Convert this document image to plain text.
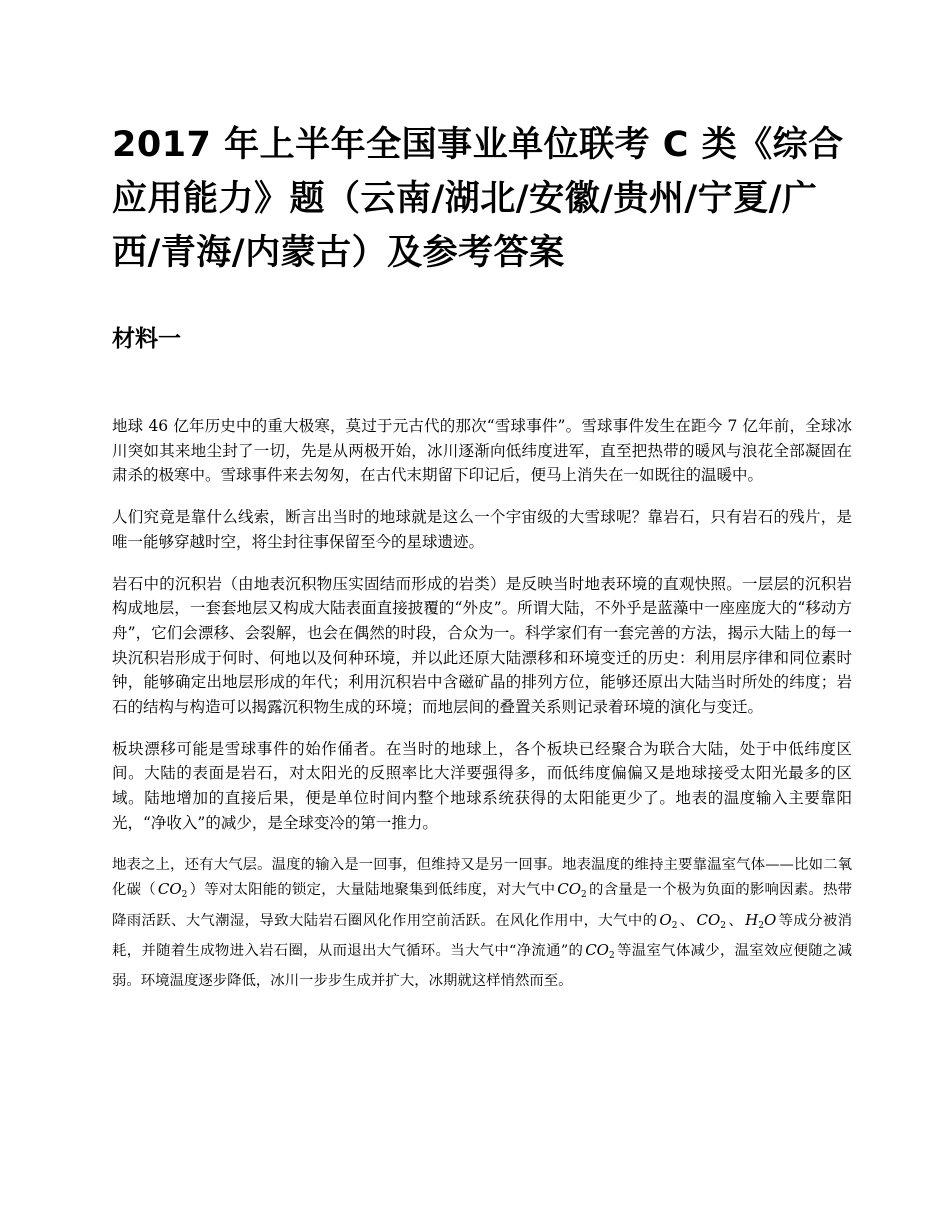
2017 年上半年全国事业单位联考 C 类《综合应用能力》题（云南/湖北/安徽/贵州/宁夏/广西/青海/内蒙古）及参考答案
材料一

地球 46 亿年历史中的重大极寒，莫过于元古代的那次“雪球事件”。雪球事件发生在距今 7 亿年前，全球冰川突如其来地尘封了一切，先是从两极开始，冰川逐渐向低纬度进军，直至把热带的暖风与浪花全部凝固在肃杀的极寒中。雪球事件来去匆匆，在古代末期留下印记后，便马上消失在一如既往的温暖中。

人们究竟是靠什么线索，断言出当时的地球就是这么一个宇宙级的大雪球呢？靠岩石，只有岩石的残片，是唯一能够穿越时空，将尘封往事保留至今的星球遗迹。

岩石中的沉积岩（由地表沉积物压实固结而形成的岩类）是反映当时地表环境的直观快照。一层层的沉积岩构成地层，一套套地层又构成大陆表面直接披覆的“外皮”。所谓大陆，不外乎是蓝藻中一座座庞大的“移动方舟”，它们会漂移、会裂解，也会在偶然的时段，合众为一。科学家们有一套完善的方法，揭示大陆上的每一块沉积岩形成于何时、何地以及何种环境，并以此还原大陆漂移和环境变迁的历史：利用层序律和同位素时钟，能够确定出地层形成的年代；利用沉积岩中含磁矿晶的排列方位，能够还原出大陆当时所处的纬度；岩石的结构与构造可以揭露沉积物生成的环境；而地层间的叠置关系则记录着环境的演化与变迁。

板块漂移可能是雪球事件的始作俑者。在当时的地球上，各个板块已经聚合为联合大陆，处于中低纬度区间。大陆的表面是岩石，对太阳光的反照率比大洋要强得多，而低纬度偏偏又是地球接受太阳光最多的区域。陆地增加的直接后果，便是单位时间内整个地球系统获得的太阳能更少了。地表的温度输入主要靠阳光，“净收入”的减少，是全球变冷的第一推力。

地表之上，还有大气层。温度的输入是一回事，但维持又是另一回事。地表温度的维持主要靠温室气体——比如二氧化碳（ $CO_2$ ）等对太阳能的锁定，大量陆地聚集到低纬度，对大气中 $CO_2$ 的含量是一个极为负面的影响因素。热带降雨活跃、大气潮湿，导致大陆岩石圈风化作用空前活跃。在风化作用中，大气中的 $O_2$ 、 $CO_2$ 、 $H_2O$ 等成分被消耗，并随着生成物进入岩石圈，从而退出大气循环。当大气中“净流通”的 $CO_2$ 等温室气体减少，温室效应便随之减弱。环境温度逐步降低，冰川一步步生成并扩大，冰期就这样悄然而至。
